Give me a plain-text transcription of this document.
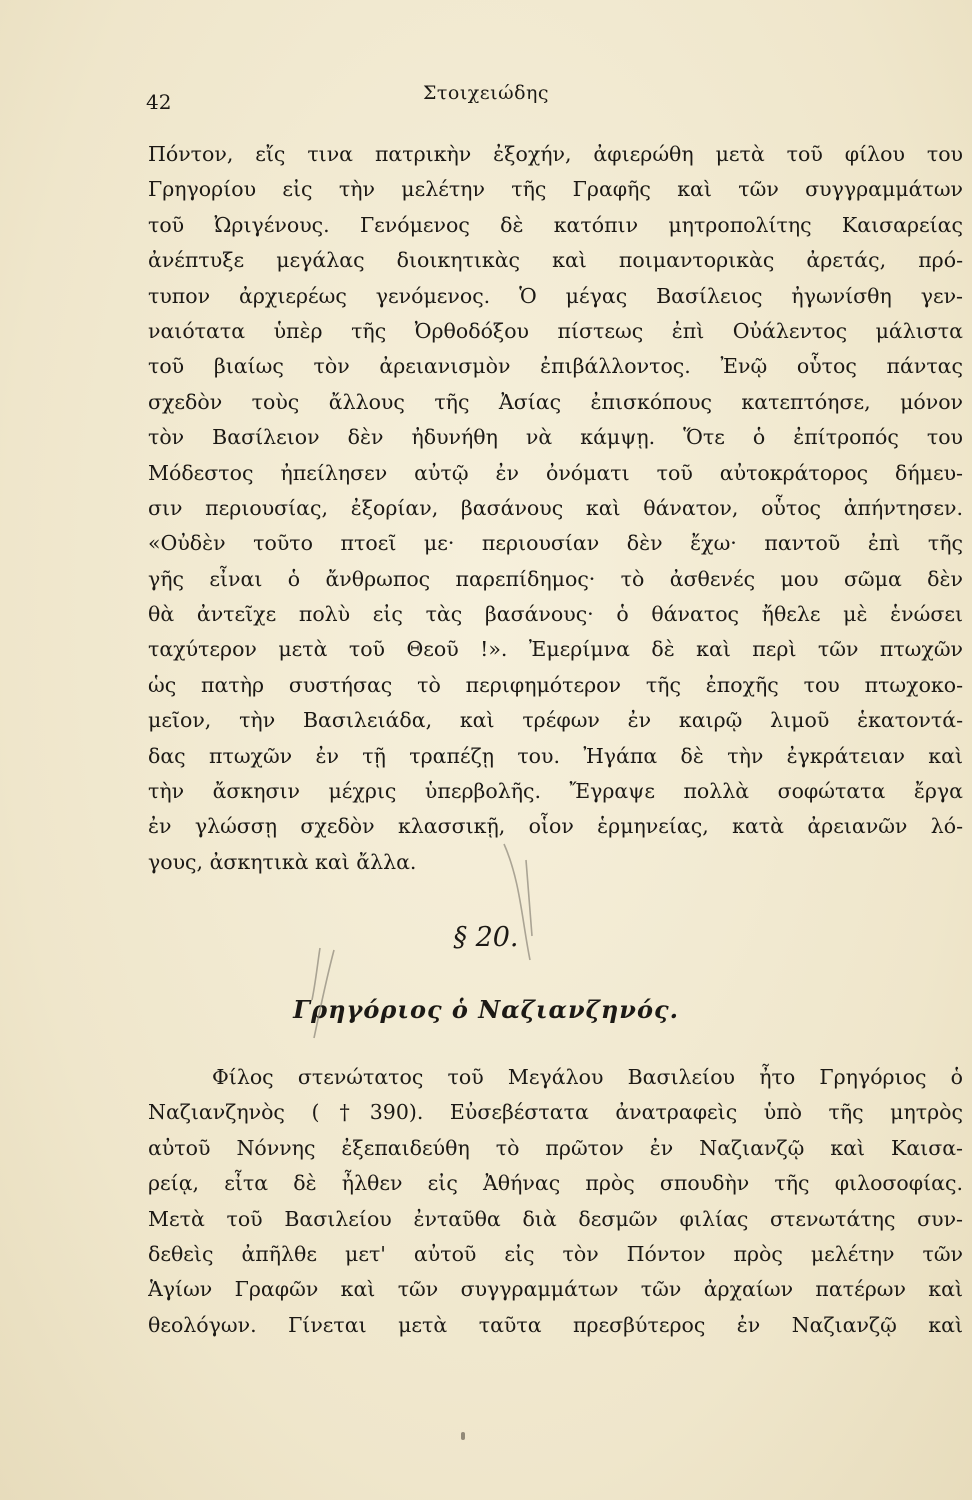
42	Στοιχειώδης
Πόντον, εἴς τινα πατρικὴν ἐξοχήν, ἀφιερώθη μετὰ τοῦ φίλου του
Γρηγορίου εἰς τὴν μελέτην τῆς Γραφῆς καὶ τῶν συγγραμμάτων
τοῦ Ὠριγένους. Γενόμενος δὲ κατόπιν μητροπολίτης Καισαρείας
ἀνέπτυξε μεγάλας διοικητικὰς καὶ ποιμαντορικὰς ἀρετάς, πρό-
τυπον ἀρχιερέως γενόμενος. Ὁ μέγας Βασίλειος ἠγωνίσθη γεν-
ναιότατα ὑπὲρ τῆς Ὀρθοδόξου πίστεως ἐπὶ Οὐάλεντος μάλιστα
τοῦ βιαίως τὸν ἀρειανισμὸν ἐπιβάλλοντος. Ἐνῷ οὗτος πάντας
σχεδὸν τοὺς ἄλλους τῆς Ἀσίας ἐπισκόπους κατεπτόησε, μόνον
τὸν Βασίλειον δὲν ἠδυνήθη νὰ κάμψῃ. Ὅτε ὁ ἐπίτροπός του
Μόδεστος ἠπείλησεν αὐτῷ ἐν ὀνόματι τοῦ αὐτοκράτορος δήμευ-
σιν περιουσίας, ἐξορίαν, βασάνους καὶ θάνατον, οὗτος ἀπήντησεν.
«Οὐδὲν τοῦτο πτοεῖ με· περιουσίαν δὲν ἔχω· παντοῦ ἐπὶ τῆς
γῆς εἶναι ὁ ἄνθρωπος παρεπίδημος· τὸ ἀσθενές μου σῶμα δὲν
θὰ ἀντεῖχε πολὺ εἰς τὰς βασάνους· ὁ θάνατος ἤθελε μὲ ἑνώσει
ταχύτερον μετὰ τοῦ Θεοῦ !». Ἐμερίμνα δὲ καὶ περὶ τῶν πτωχῶν
ὡς πατὴρ συστήσας τὸ περιφημότερον τῆς ἐποχῆς του πτωχοκο-
μεῖον, τὴν Βασιλειάδα, καὶ τρέφων ἐν καιρῷ λιμοῦ ἑκατοντά-
δας πτωχῶν ἐν τῇ τραπέζῃ του. Ἠγάπα δὲ τὴν ἐγκράτειαν καὶ
τὴν ἄσκησιν μέχρις ὑπερβολῆς. Ἔγραψε πολλὰ σοφώτατα ἔργα
ἐν γλώσσῃ σχεδὸν κλασσικῇ, οἷον ἑρμηνείας, κατὰ ἀρειανῶν λό-
γους, ἀσκητικὰ καὶ ἄλλα.
§ 20.
Γρηγόριος ὁ Ναζιανζηνός.
Φίλος στενώτατος τοῦ Μεγάλου Βασιλείου ἦτο Γρηγόριος ὁ
Ναζιανζηνὸς (†390). Εὐσεβέστατα ἀνατραφεὶς ὑπὸ τῆς μητρὸς
αὐτοῦ Νόννης ἐξεπαιδεύθη τὸ πρῶτον ἐν Ναζιανζῷ καὶ Καισα-
ρείᾳ, εἶτα δὲ ἦλθεν εἰς Ἀθήνας πρὸς σπουδὴν τῆς φιλοσοφίας.
Μετὰ τοῦ Βασιλείου ἐνταῦθα διὰ δεσμῶν φιλίας στενωτάτης συν-
δεθεὶς ἀπῆλθε μετ' αὐτοῦ εἰς τὸν Πόντον πρὸς μελέτην τῶν
Ἁγίων Γραφῶν καὶ τῶν συγγραμμάτων τῶν ἀρχαίων πατέρων καὶ
θεολόγων. Γίνεται μετὰ ταῦτα πρεσβύτερος ἐν Ναζιανζῷ καὶ
